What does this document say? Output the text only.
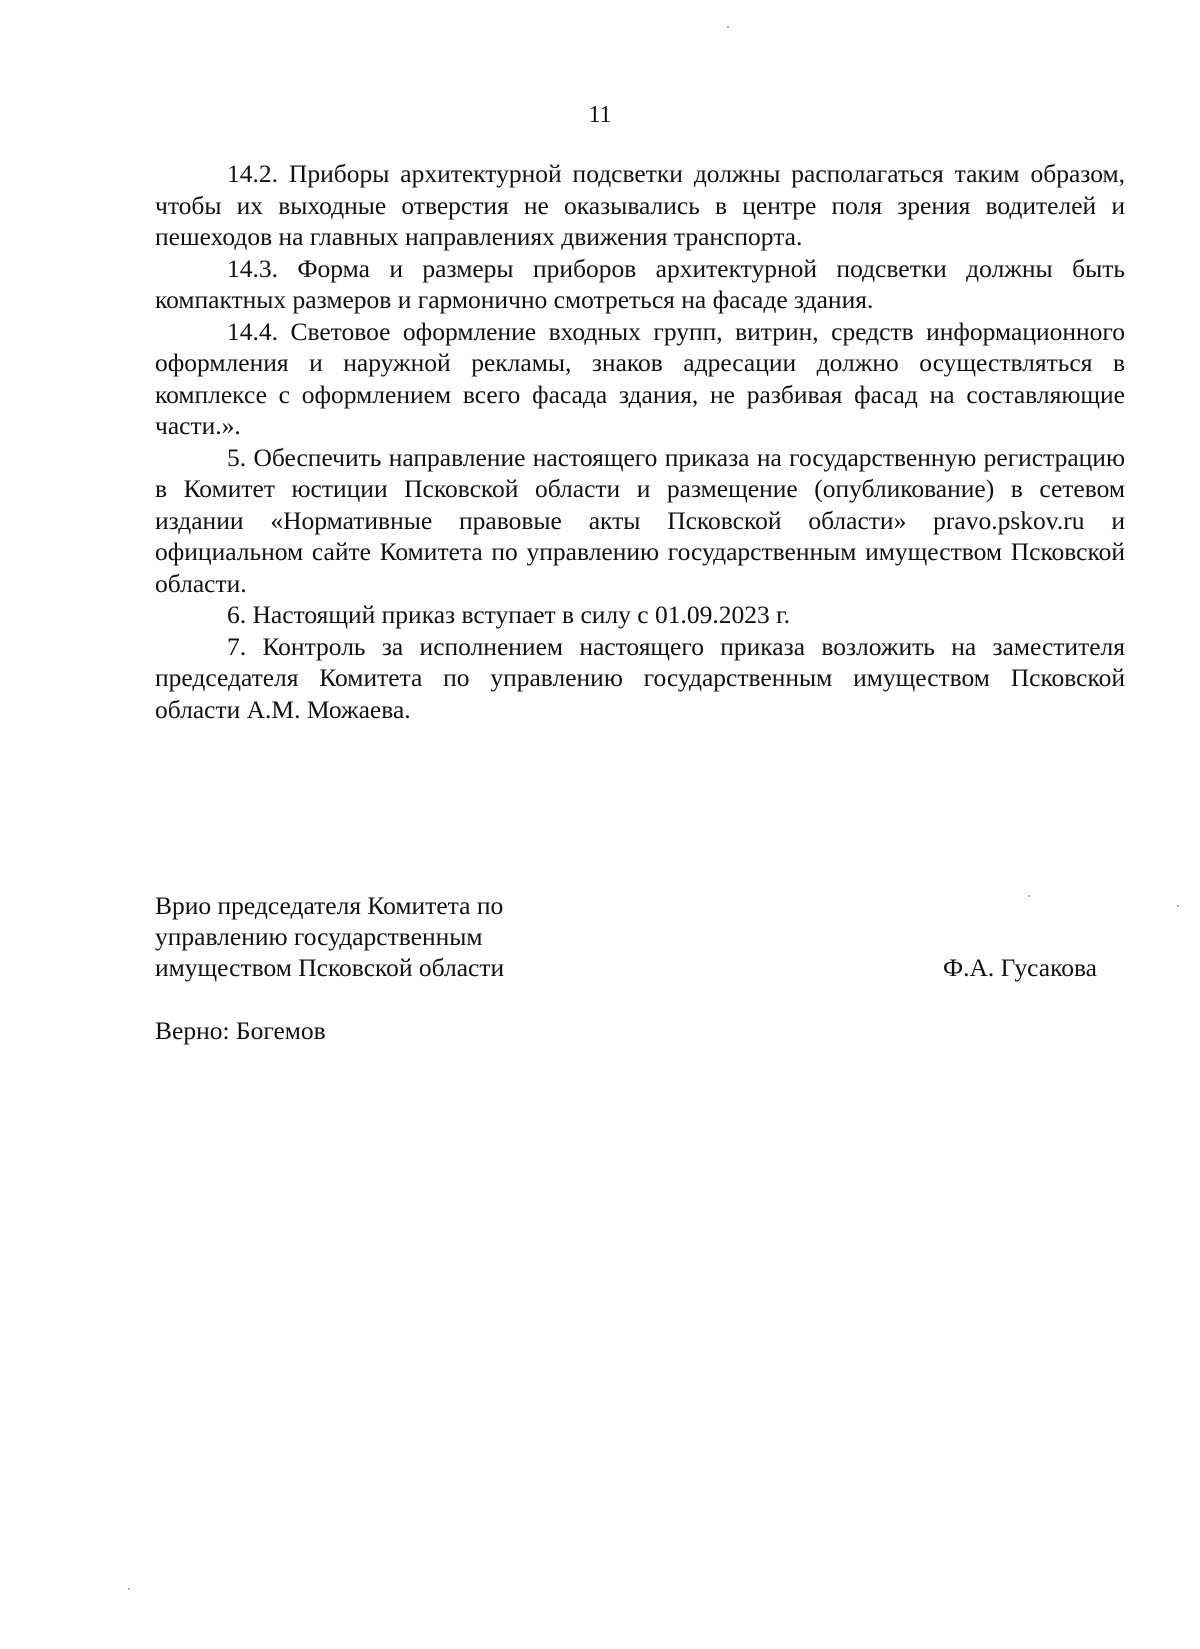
11

14.2. Приборы архитектурной подсветки должны располагаться таким образом, чтобы их выходные отверстия не оказывались в центре поля зрения водителей и пешеходов на главных направлениях движения транспорта.

14.3. Форма и размеры приборов архитектурной подсветки должны быть компактных размеров и гармонично смотреться на фасаде здания.

14.4. Световое оформление входных групп, витрин, средств информационного оформления и наружной рекламы, знаков адресации должно осуществляться в комплексе с оформлением всего фасада здания, не разбивая фасад на составляющие части.».

5. Обеспечить направление настоящего приказа на государственную регистрацию в Комитет юстиции Псковской области и размещение (опубликование) в сетевом издании «Нормативные правовые акты Псковской области» pravo.pskov.ru и официальном сайте Комитета по управлению государственным имуществом Псковской области.

6. Настоящий приказ вступает в силу с 01.09.2023 г.

7. Контроль за исполнением настоящего приказа возложить на заместителя председателя Комитета по управлению государственным имуществом Псковской области А.М. Можаева.

Врио председателя Комитета по
управлению государственным
имуществом Псковской области	Ф.А. Гусакова
Верно: Богемов
